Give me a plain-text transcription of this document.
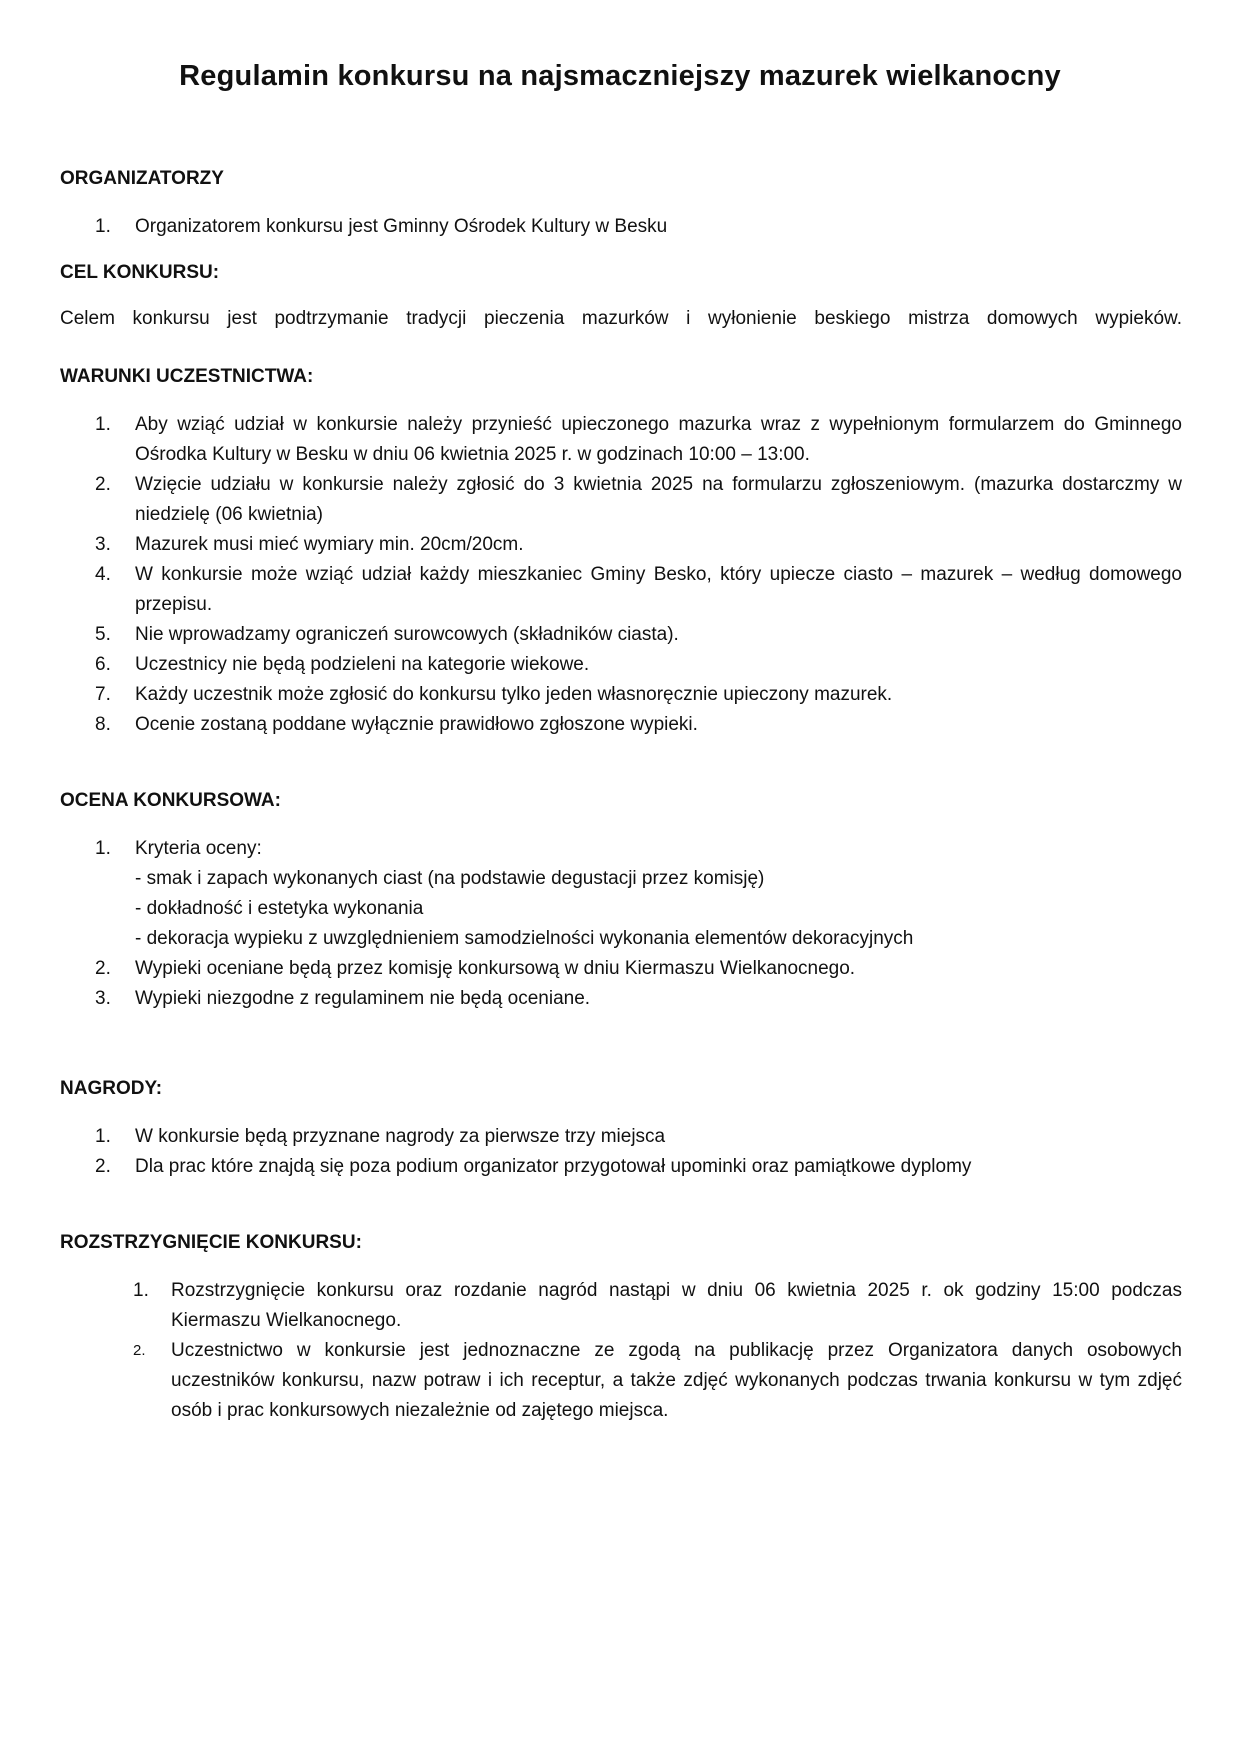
Regulamin konkursu na najsmaczniejszy mazurek wielkanocny
ORGANIZATORZY
1.	Organizatorem konkursu jest Gminny Ośrodek Kultury w Besku
CEL KONKURSU:
Celem konkursu jest podtrzymanie tradycji pieczenia mazurków i wyłonienie beskiego mistrza domowych wypieków.
WARUNKI UCZESTNICTWA:
1.	Aby wziąć udział w konkursie należy przynieść upieczonego mazurka wraz z wypełnionym formularzem do Gminnego Ośrodka Kultury w Besku w dniu 06 kwietnia 2025 r. w godzinach 10:00 – 13:00.
2.	Wzięcie udziału w konkursie należy zgłosić do 3 kwietnia 2025 na formularzu zgłoszeniowym. (mazurka dostarczmy w niedzielę (06 kwietnia)
3.	Mazurek musi mieć wymiary min. 20cm/20cm.
4.	W konkursie może wziąć udział każdy mieszkaniec Gminy Besko, który upiecze ciasto – mazurek – według domowego przepisu.
5.	Nie wprowadzamy ograniczeń surowcowych (składników ciasta).
6.	Uczestnicy nie będą podzieleni na kategorie wiekowe.
7.	Każdy uczestnik może zgłosić do konkursu tylko jeden własnoręcznie upieczony mazurek.
8.	Ocenie zostaną poddane wyłącznie prawidłowo zgłoszone wypieki.
OCENA KONKURSOWA:
1.	Kryteria oceny:
- smak i zapach wykonanych ciast (na podstawie degustacji przez komisję)
- dokładność i estetyka wykonania
- dekoracja wypieku z uwzględnieniem samodzielności wykonania elementów dekoracyjnych
2.	Wypieki oceniane będą przez komisję konkursową w dniu Kiermaszu Wielkanocnego.
3.	Wypieki niezgodne z regulaminem nie będą oceniane.
NAGRODY:
1.	W konkursie będą przyznane nagrody za pierwsze trzy miejsca
2.	Dla prac które znajdą się poza podium organizator przygotował upominki oraz pamiątkowe dyplomy
ROZSTRZYGNIĘCIE KONKURSU:
1.	Rozstrzygnięcie konkursu oraz rozdanie nagród nastąpi w dniu 06 kwietnia 2025 r. ok godziny 15:00 podczas Kiermaszu Wielkanocnego.
2.	Uczestnictwo w konkursie jest jednoznaczne ze zgodą na publikację przez Organizatora danych osobowych uczestników konkursu, nazw potraw i ich receptur, a także zdjęć wykonanych podczas trwania konkursu w tym zdjęć osób i prac konkursowych niezależnie od zajętego miejsca.
